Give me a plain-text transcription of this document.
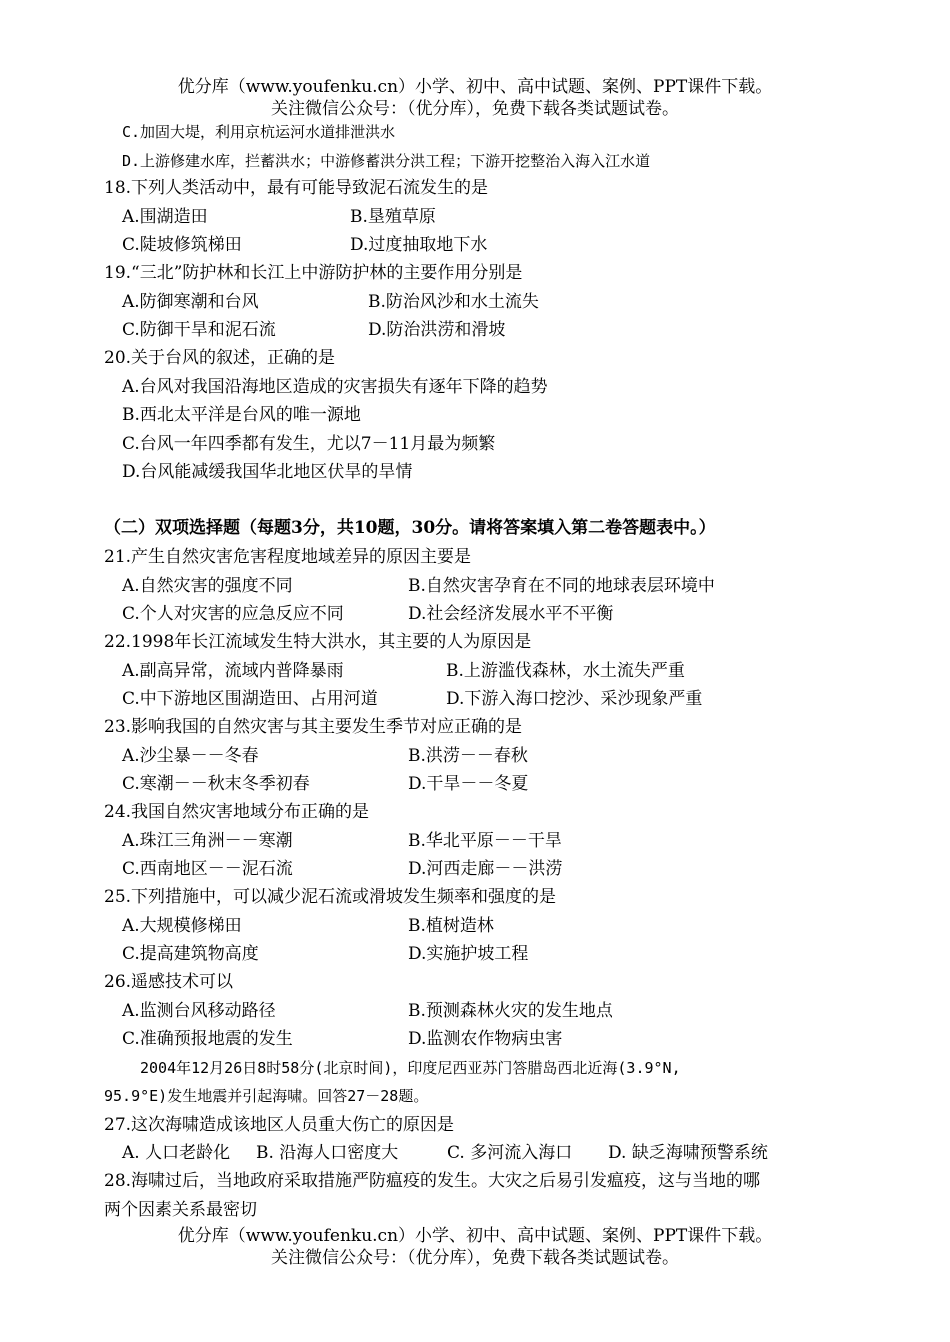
优分库（www.youfenku.cn）小学、初中、高中试题、案例、PPT课件下载。
关注微信公众号：（优分库），免费下载各类试题试卷。
C.加固大堤，利用京杭运河水道排泄洪水
D.上游修建水库，拦蓄洪水；中游修蓄洪分洪工程；下游开挖整治入海入江水道
18.下列人类活动中，最有可能导致泥石流发生的是
A.围湖造田	B.垦殖草原
C.陡坡修筑梯田	D.过度抽取地下水
19.“三北”防护林和长江上中游防护林的主要作用分别是
A.防御寒潮和台风	B.防治风沙和水土流失
C.防御干旱和泥石流	D.防治洪涝和滑坡
20.关于台风的叙述，正确的是
A.台风对我国沿海地区造成的灾害损失有逐年下降的趋势
B.西北太平洋是台风的唯一源地
C.台风一年四季都有发生，尤以7－11月最为频繁
D.台风能减缓我国华北地区伏旱的旱情
（二）双项选择题（每题3分，共10题，30分。请将答案填入第二卷答题表中。）
21.产生自然灾害危害程度地域差异的原因主要是
A.自然灾害的强度不同	B.自然灾害孕育在不同的地球表层环境中
C.个人对灾害的应急反应不同	D.社会经济发展水平不平衡
22.1998年长江流域发生特大洪水，其主要的人为原因是
A.副高异常，流域内普降暴雨	B.上游滥伐森林，水土流失严重
C.中下游地区围湖造田、占用河道	D.下游入海口挖沙、采沙现象严重
23.影响我国的自然灾害与其主要发生季节对应正确的是
A.沙尘暴－－冬春	B.洪涝－－春秋
C.寒潮－－秋末冬季初春	D.干旱－－冬夏
24.我国自然灾害地域分布正确的是
A.珠江三角洲－－寒潮	B.华北平原－－干旱
C.西南地区－－泥石流	D.河西走廊－－洪涝
25.下列措施中，可以减少泥石流或滑坡发生频率和强度的是
A.大规模修梯田	B.植树造林
C.提高建筑物高度	D.实施护坡工程
26.遥感技术可以
A.监测台风移动路径	B.预测森林火灾的发生地点
C.准确预报地震的发生	D.监测农作物病虫害
2004年12月26日8时58分(北京时间)，印度尼西亚苏门答腊岛西北近海(3.9°N,
95.9°E)发生地震并引起海啸。回答27－28题。
27.这次海啸造成该地区人员重大伤亡的原因是
A. 人口老龄化 B. 沿海人口密度大	C. 多河流入海口 D. 缺乏海啸预警系统
28.海啸过后，当地政府采取措施严防瘟疫的发生。大灾之后易引发瘟疫，这与当地的哪
两个因素关系最密切
优分库（www.youfenku.cn）小学、初中、高中试题、案例、PPT课件下载。
关注微信公众号：（优分库），免费下载各类试题试卷。
